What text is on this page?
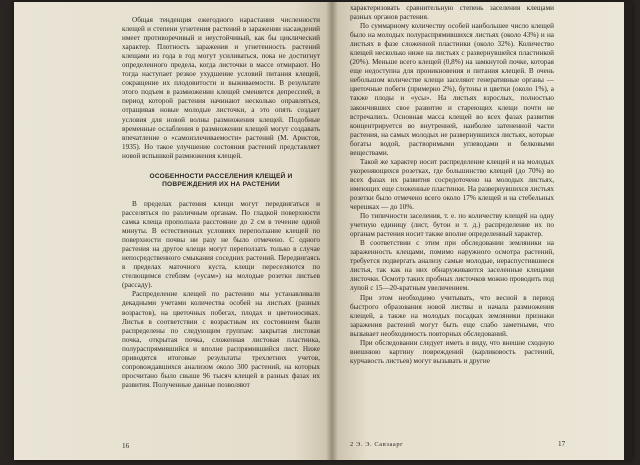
Общая тенденция ежегодного нарастания численности клещей и степени угнетения растений в заражении насаждений имеет противоречивый и неустойчивый, как бы циклический характер. Плотность заражения и угнетенность растений клещами из года в год могут усиливаться, пока не достигнут определенного предела, когда листочки в массе отмирают. Но тогда наступает резкое ухудшение условий питания клещей, сокращение их плодовитости и выживаемости. В результате этого подъем в размножении клещей сменяется депрессией, в период которой растения начинают несколько оправляться, отращивая новые молодые листочки, а это опять создает условия для новой волны размножения клещей. Подобные временные ослабления в размножении клещей могут создавать впечатление о «самоизлечиваемости» растений (М. Аристов, 1935). Но такое улучшение состояния растений представляет новой вспышкой размножения клещей.

ОСОБЕННОСТИ РАССЕЛЕНИЯ КЛЕЩЕЙ И ПОВРЕЖДЕНИЯ ИХ НА РАСТЕНИИ

В пределах растения клещи могут передвигаться и расселяться по различным органам. По гладкой поверхности самка клеща проползала расстояние до 2 см в течение одной минуты. В естественных условиях переползание клещей по поверхности почвы ни разу не было отмечено. С одного растения на другое клещи могут переползать только в случае непосредственного смыкания соседних растений. Передвигаясь в пределах маточного куста, клещи переселяются по стелющимся стеблям («усам») на молодые розетки листьев (рассаду).

Распределение клещей по растению мы устанавливали декадными учетами количества особей на листьях (разных возрастов), на цветочных побегах, плодах и цветоносиках. Листья в соответствии с возрастным их состоянием были распределены по следующим группам: закрытая листовая почка, открытая почка, сложенная листовая пластинка, полураспрямившийся и вполне распрямившийся лист. Ниже приводятся итоговые результаты трехлетних учетов, сопровождавшихся анализом около 300 растений, на которых просчитано было свыше 96 тысяч клещей в разных фазах их развития. Полученные данные позволяют

16

характеризовать сравнительную степень заселения клещами разных органов растения.

По суммарному количеству особей наибольшее число клещей было на молодых полураспрямившихся листьях (около 43%) и на листьях в фазе сложенной пластинки (около 32%). Количество клещей несколько ниже на листьях с развернувшейся пластинкой (20%). Меньше всего клещей (0,8%) на замкнутой почке, которая еще недоступна для проникновения и питания клещей. В очень небольшом количестве клещи заселяют генеративные органы — цветочные побеги (примерно 2%), бутоны и цветки (около 1%), а также плоды и «усы». На листьях взрослых, полностью закончивших свое развитие и стареющих клещи почти не встречались. Основная масса клещей во всех фазах развития концентрируется во внутренней, наиболее затененной части растения, на самых молодых не развернувшихся листьях, которые богаты водой, растворимыми углеводами и белковыми веществами.

Такой же характер носит распределение клещей и на молодых укореняющихся розетках, где большинство клещей (до 70%) во всех фазах их развития сосредоточено на молодых листьях, имеющих еще сложенные пластинки. На развернувшихся листьях розетки было отмечено всего около 17% клещей и на стебельных черешках — до 10%.

По типичности заселения, т. е. по количеству клещей на одну учетную единицу (лист, бутон и т. д.) распределение их по органам растения носит также вполне определенный характер.

В соответствии с этим при обследовании земляники на зараженность клещами, помимо наружного осмотра растений, требуется подвергать анализу самые молодые, нераспустившиеся листья, так как на них обнаруживаются заселенные клещами листочки. Осмотр таких пробных листочков можно проводить под лупой с 15—20-кратным увеличением.

При этом необходимо учитывать, что весной в период быстрого образования новой листвы и начала размножения клещей, а также на молодых посадках земляники признаки заражения растений могут быть еще слабо заметными, что вызывает необходимость повторных обследований.

При обследовании следует иметь в виду, что внешне сходную внешнюю картину повреждений (карликовость растений, курчавость листьев) могут вызывать и другие

2 Э. Э. Савзаарг	17
